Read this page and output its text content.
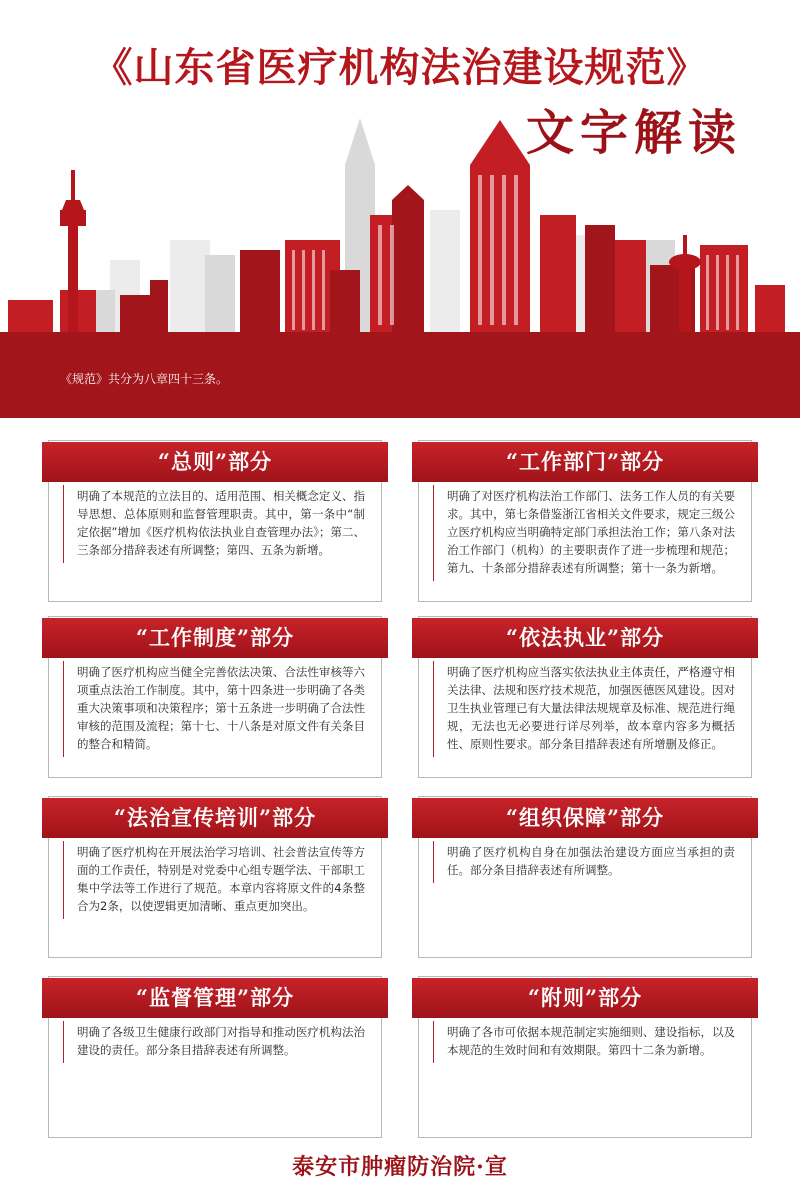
《山东省医疗机构法治建设规范》
文字解读
《规范》共分为八章四十三条。
“总则”部分
明确了本规范的立法目的、适用范围、相关概念定义、指导思想、总体原则和监督管理职责。其中，第一条中“制定依据”增加《医疗机构依法执业自查管理办法》；第二、三条部分措辞表述有所调整；第四、五条为新增。
“工作部门”部分
明确了对医疗机构法治工作部门、法务工作人员的有关要求。其中，第七条借鉴浙江省相关文件要求，规定三级公立医疗机构应当明确特定部门承担法治工作；第八条对法治工作部门（机构）的主要职责作了进一步梳理和规范；第九、十条部分措辞表述有所调整；第十一条为新增。
“工作制度”部分
明确了医疗机构应当健全完善依法决策、合法性审核等六项重点法治工作制度。其中，第十四条进一步明确了各类重大决策事项和决策程序；第十五条进一步明确了合法性审核的范围及流程；第十七、十八条是对原文件有关条目的整合和精简。
“依法执业”部分
明确了医疗机构应当落实依法执业主体责任，严格遵守相关法律、法规和医疗技术规范，加强医德医风建设。因对卫生执业管理已有大量法律法规规章及标准、规范进行绳规，无法也无必要进行详尽列举，故本章内容多为概括性、原则性要求。部分条目措辞表述有所增删及修正。
“法治宣传培训”部分
明确了医疗机构在开展法治学习培训、社会普法宣传等方面的工作责任，特别是对党委中心组专题学法、干部职工集中学法等工作进行了规范。本章内容将原文件的4条整合为2条，以使逻辑更加清晰、重点更加突出。
“组织保障”部分
明确了医疗机构自身在加强法治建设方面应当承担的责任。部分条目措辞表述有所调整。
“监督管理”部分
明确了各级卫生健康行政部门对指导和推动医疗机构法治建设的责任。部分条目措辞表述有所调整。
“附则”部分
明确了各市可依据本规范制定实施细则、建设指标，以及本规范的生效时间和有效期限。第四十二条为新增。
泰安市肿瘤防治院·宣
